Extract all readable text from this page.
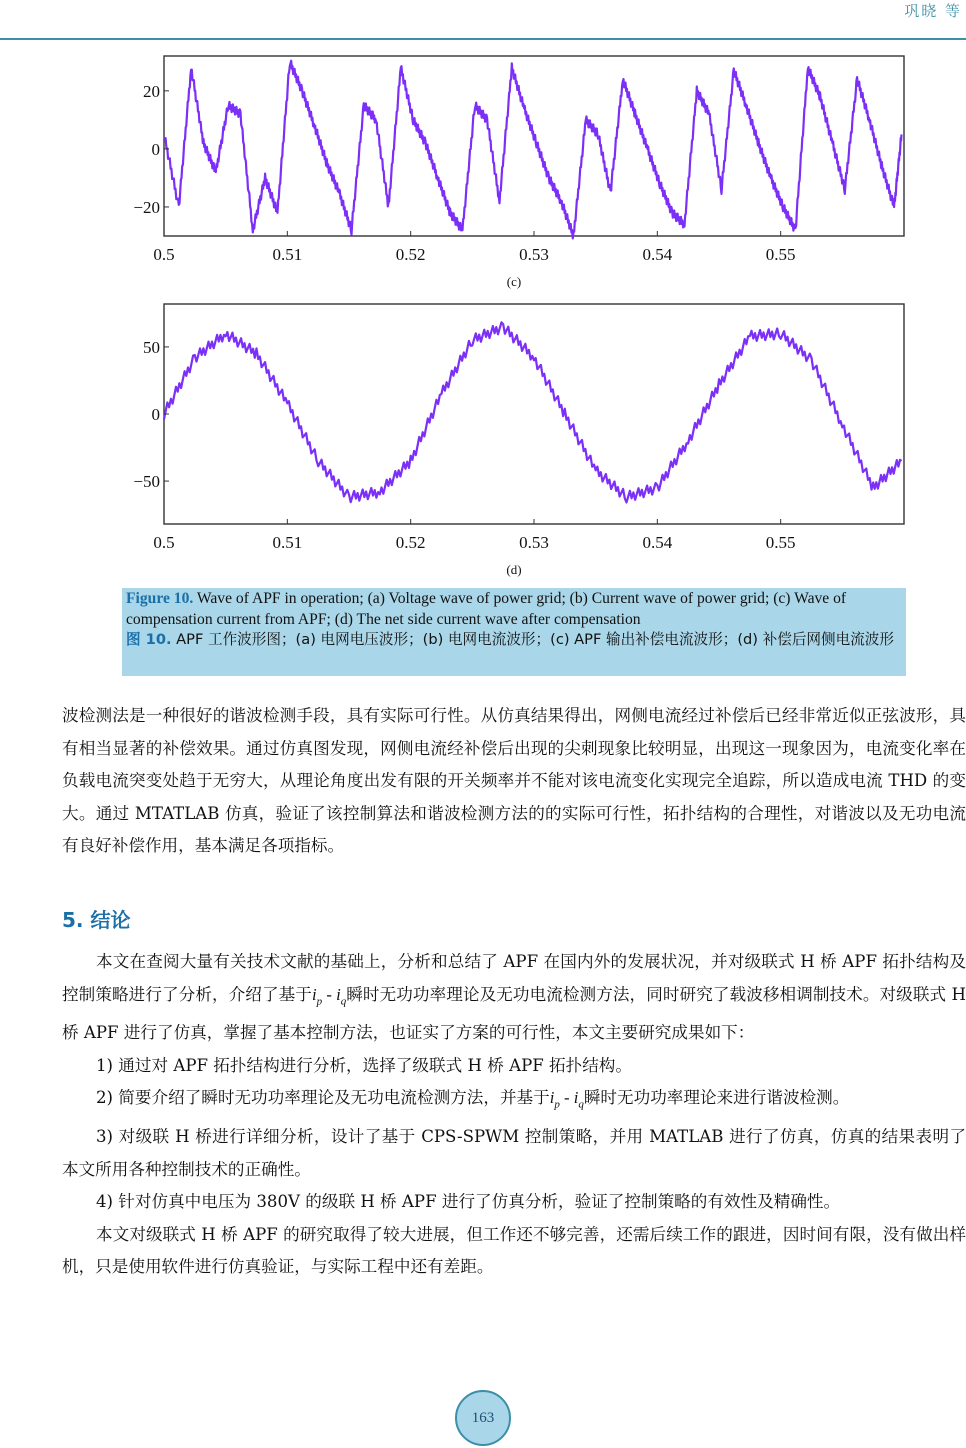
巩晓 等
0.5	0.51	0.52	0.53	0.54	0.55
20
0
−20
(c)
0.5	0.51	0.52	0.53	0.54	0.55
50
0
−50
(d)

Figure 10. Wave of APF in operation; (a) Voltage wave of power grid; (b) Current wave of power grid; (c) Wave of compensation current from APF; (d) The net side current wave after compensation

图 10. APF 工作波形图；(a) 电网电压波形；(b) 电网电流波形；(c) APF 输出补偿电流波形；(d) 补偿后网侧电流波形

波检测法是一种很好的谐波检测手段，具有实际可行性。从仿真结果得出，网侧电流经过补偿后已经非常近似正弦波形，具有相当显著的补偿效果。通过仿真图发现，网侧电流经补偿后出现的尖刺现象比较明显，出现这一现象因为，电流变化率在负载电流突变处趋于无穷大，从理论角度出发有限的开关频率并不能对该电流变化实现完全追踪，所以造成电流 THD 的变大。通过 MTATLAB 仿真，验证了该控制算法和谐波检测方法的的实际可行性，拓扑结构的合理性，对谐波以及无功电流有良好补偿作用，基本满足各项指标。

5. 结论

本文在查阅大量有关技术文献的基础上，分析和总结了 APF 在国内外的发展状况，并对级联式 H 桥 APF 拓扑结构及控制策略进行了分析，介绍了基于$i_p - i_q$瞬时无功功率理论及无功电流检测方法，同时研究了载波移相调制技术。对级联式 H 桥 APF 进行了仿真，掌握了基本控制方法，也证实了方案的可行性，本文主要研究成果如下：

1) 通过对 APF 拓扑结构进行分析，选择了级联式 H 桥 APF 拓扑结构。

2) 简要介绍了瞬时无功功率理论及无功电流检测方法，并基于$i_p - i_q$瞬时无功功率理论来进行谐波检测。

3) 对级联 H 桥进行详细分析，设计了基于 CPS-SPWM 控制策略，并用 MATLAB 进行了仿真，仿真的结果表明了本文所用各种控制技术的正确性。

4) 针对仿真中电压为 380V 的级联 H 桥 APF 进行了仿真分析，验证了控制策略的有效性及精确性。

本文对级联式 H 桥 APF 的研究取得了较大进展，但工作还不够完善，还需后续工作的跟进，因时间有限，没有做出样机，只是使用软件进行仿真验证，与实际工程中还有差距。

163
